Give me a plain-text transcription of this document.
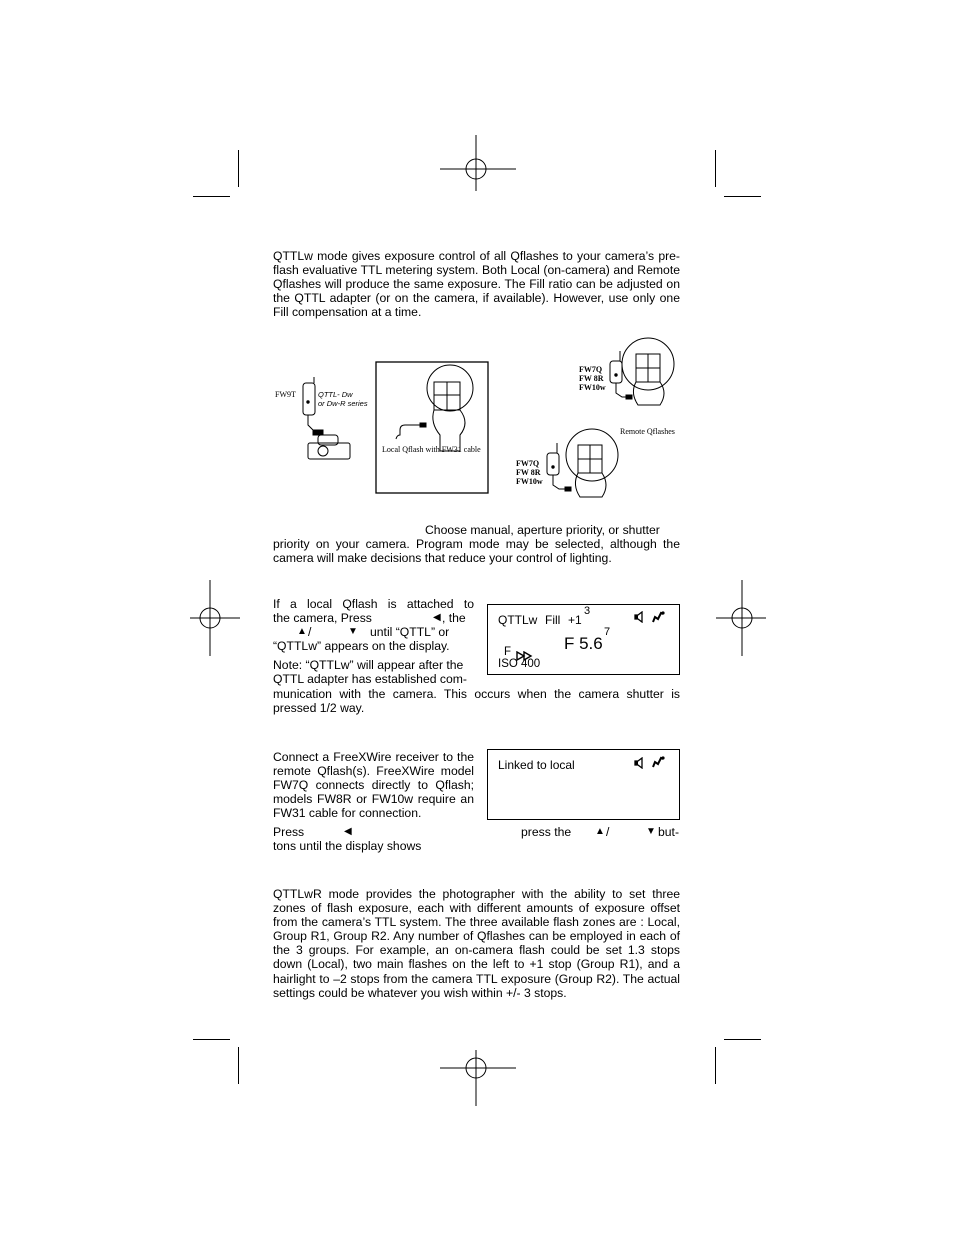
QTTLw mode gives exposure control of all Qflashes to your camera’s pre-flash evaluative TTL metering system. Both Local (on-camera) and Remote Qflashes will produce the same exposure. The Fill ratio can be adjusted on the QTTL adapter (or on the camera, if available). However, use only one Fill compensation at a time.

FW9T	QTTL- Dw
or Dw-R series
Local Qflash with FW31 cable
FW7Q
FW 8R
FW10w
Remote Qflashes
FW7Q
FW 8R
FW10w
Choose manual, aperture priority, or shutter

priority on your camera. Program mode may be selected, although the camera will make decisions that reduce your control of lighting.

If a local Qflash is attached to
the camera, Press	◀ , the
▲ /	▼ until “QTTL” or
“QTTLw” appears on the display.
Note: “QTTLw” will appear after the
QTTL adapter has established com-
munication with the camera. This occurs when the camera shutter is
pressed 1/2 way.
QTTLw Fill +1
3
F 5.6
7
F
ISO 400
Connect a FreeXWire receiver to the
remote Qflash(s). FreeXWire model
FW7Q connects directly to Qflash;
models FW8R or FW10w require an
FW31 cable for connection.
Press	◀	press the ▲ /	▼ but-
tons until the display shows
Linked to local

QTTLwR mode provides the photographer with the ability to set three zones of flash exposure, each with different amounts of exposure offset from the camera’s TTL system. The three available flash zones are : Local, Group R1, Group R2. Any number of Qflashes can be employed in each of the 3 groups. For example, an on-camera flash could be set 1.3 stops down (Local), two main flashes on the left to +1 stop (Group R1), and a hairlight to –2 stops from the camera TTL exposure (Group R2). The actual settings could be whatever you wish within +/- 3 stops.
